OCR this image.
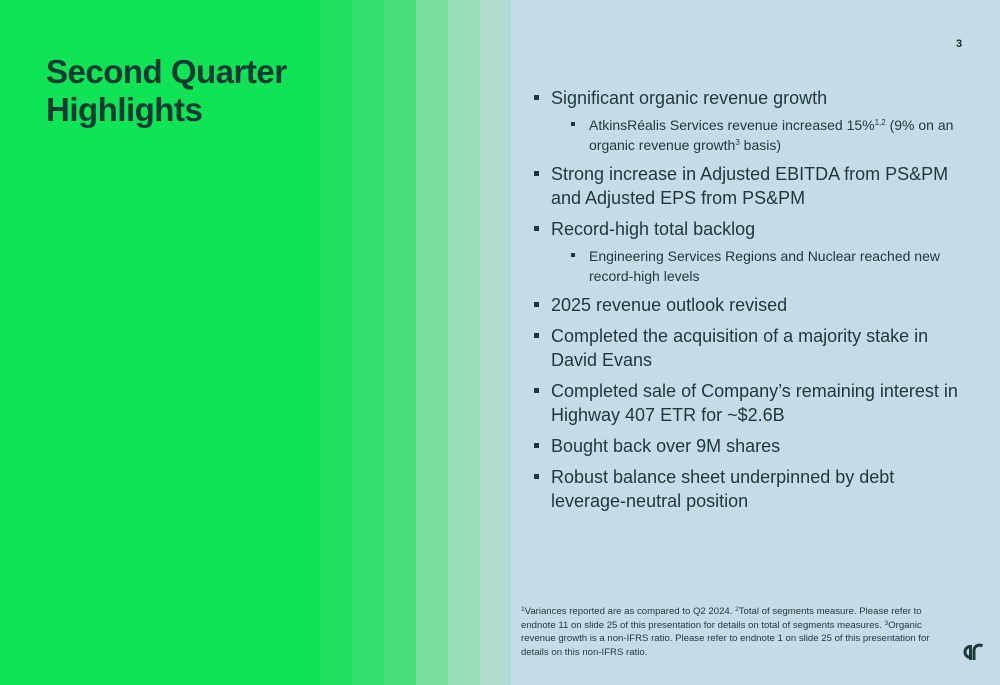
Second Quarter
Highlights
3
Significant organic revenue growth
AtkinsRéalis Services revenue increased 15%$^{1,2}$ (9% on an organic revenue growth$^3$ basis)
Strong increase in Adjusted EBITDA from PS&PM and Adjusted EPS from PS&PM
Record-high total backlog
Engineering Services Regions and Nuclear reached new record-high levels
2025 revenue outlook revised
Completed the acquisition of a majority stake in David Evans
Completed sale of Company’s remaining interest in Highway 407 ETR for ~$2.6B
Bought back over 9M shares
Robust balance sheet underpinned by debt leverage-neutral position

$^1$Variances reported are as compared to Q2 2024. $^2$Total of segments measure. Please refer to endnote 11 on slide 25 of this presentation for details on total of segments measures. $^3$Organic revenue growth is a non-IFRS ratio. Please refer to endnote 1 on slide 25 of this presentation for details on this non-IFRS ratio.
